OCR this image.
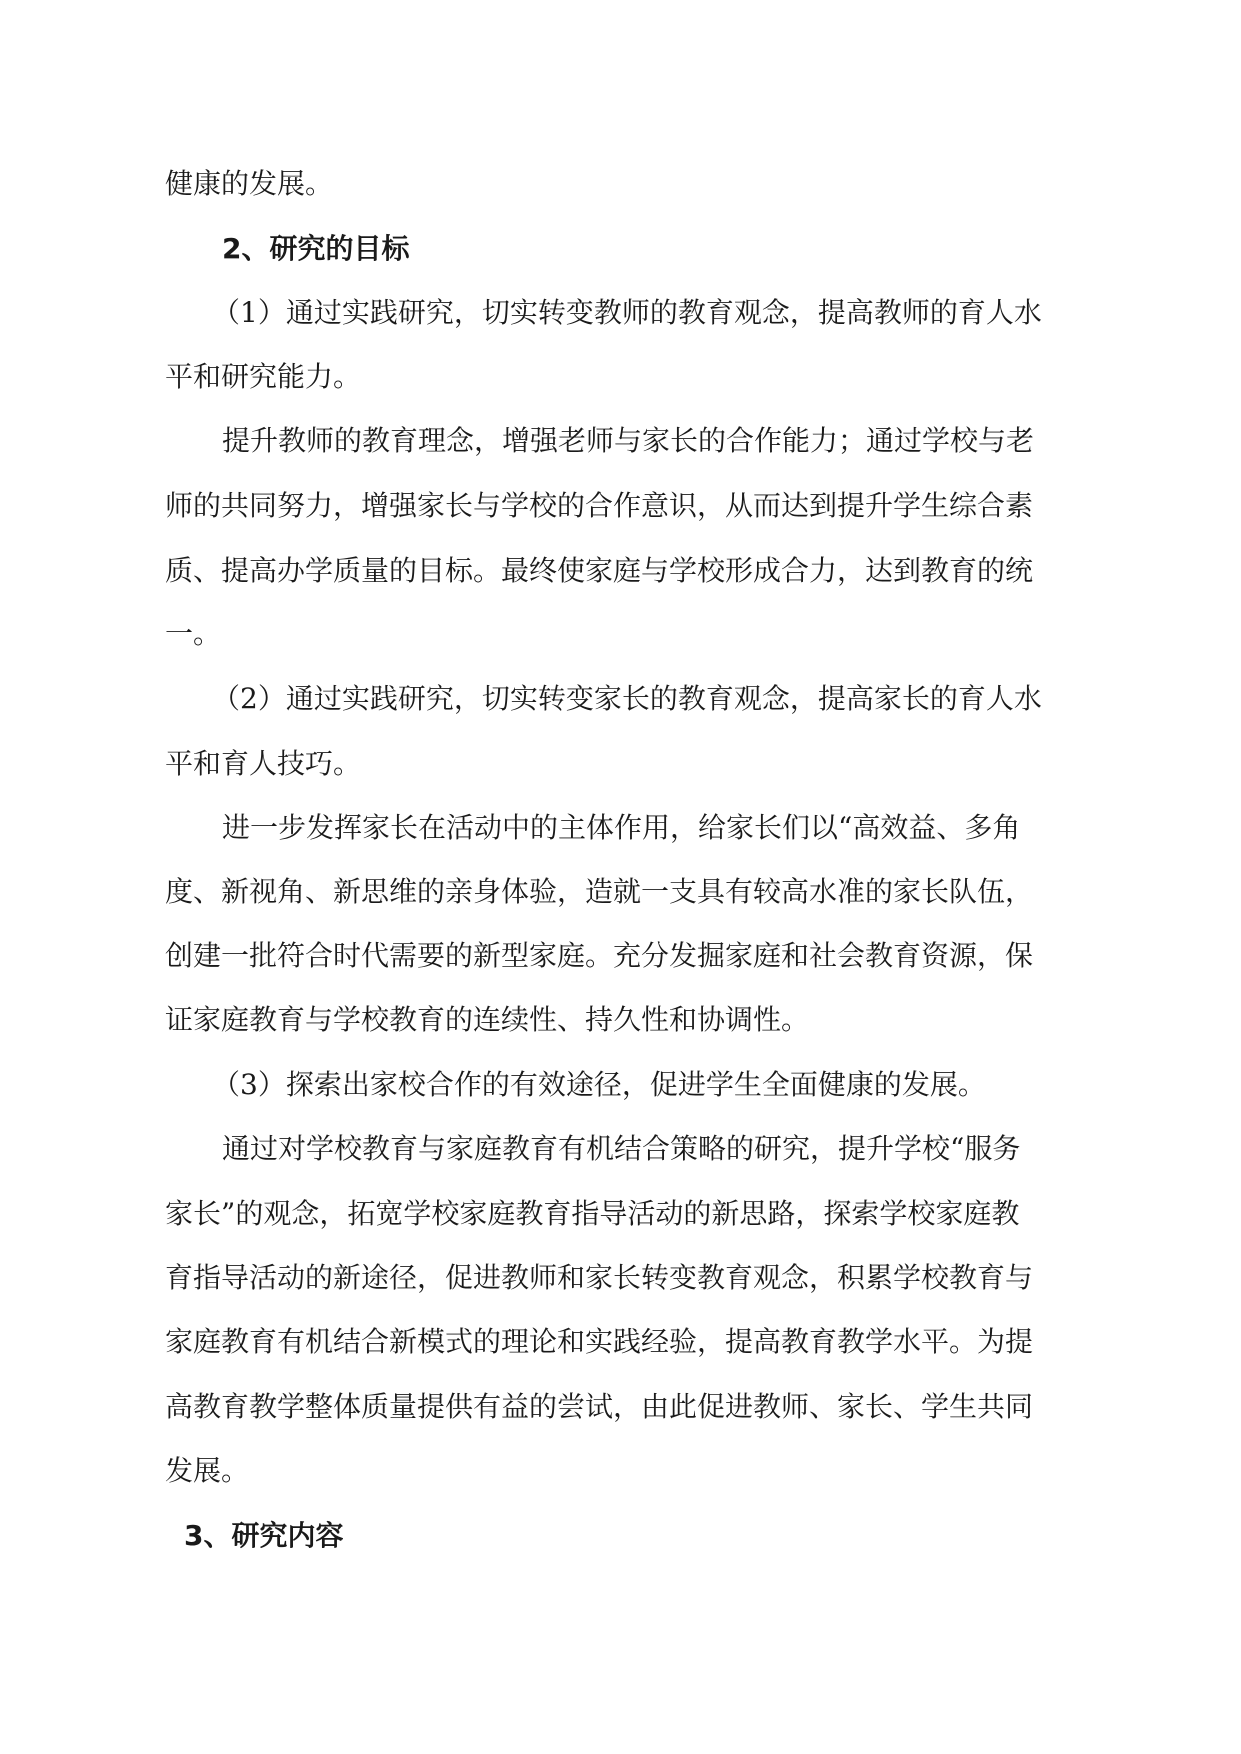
健康的发展。
2、研究的目标
（1）通过实践研究，切实转变教师的教育观念，提高教师的育人水
平和研究能力。
提升教师的教育理念，增强老师与家长的合作能力；通过学校与老
师的共同努力，增强家长与学校的合作意识，从而达到提升学生综合素
质、提高办学质量的目标。最终使家庭与学校形成合力，达到教育的统
一。
（2）通过实践研究，切实转变家长的教育观念，提高家长的育人水
平和育人技巧。
进一步发挥家长在活动中的主体作用，给家长们以“高效益、多角
度、新视角、新思维的亲身体验，造就一支具有较高水准的家长队伍，
创建一批符合时代需要的新型家庭。充分发掘家庭和社会教育资源，保
证家庭教育与学校教育的连续性、持久性和协调性。
（3）探索出家校合作的有效途径，促进学生全面健康的发展。
通过对学校教育与家庭教育有机结合策略的研究，提升学校“服务
家长”的观念，拓宽学校家庭教育指导活动的新思路，探索学校家庭教
育指导活动的新途径，促进教师和家长转变教育观念，积累学校教育与
家庭教育有机结合新模式的理论和实践经验，提高教育教学水平。为提
高教育教学整体质量提供有益的尝试，由此促进教师、家长、学生共同
发展。
3、研究内容
